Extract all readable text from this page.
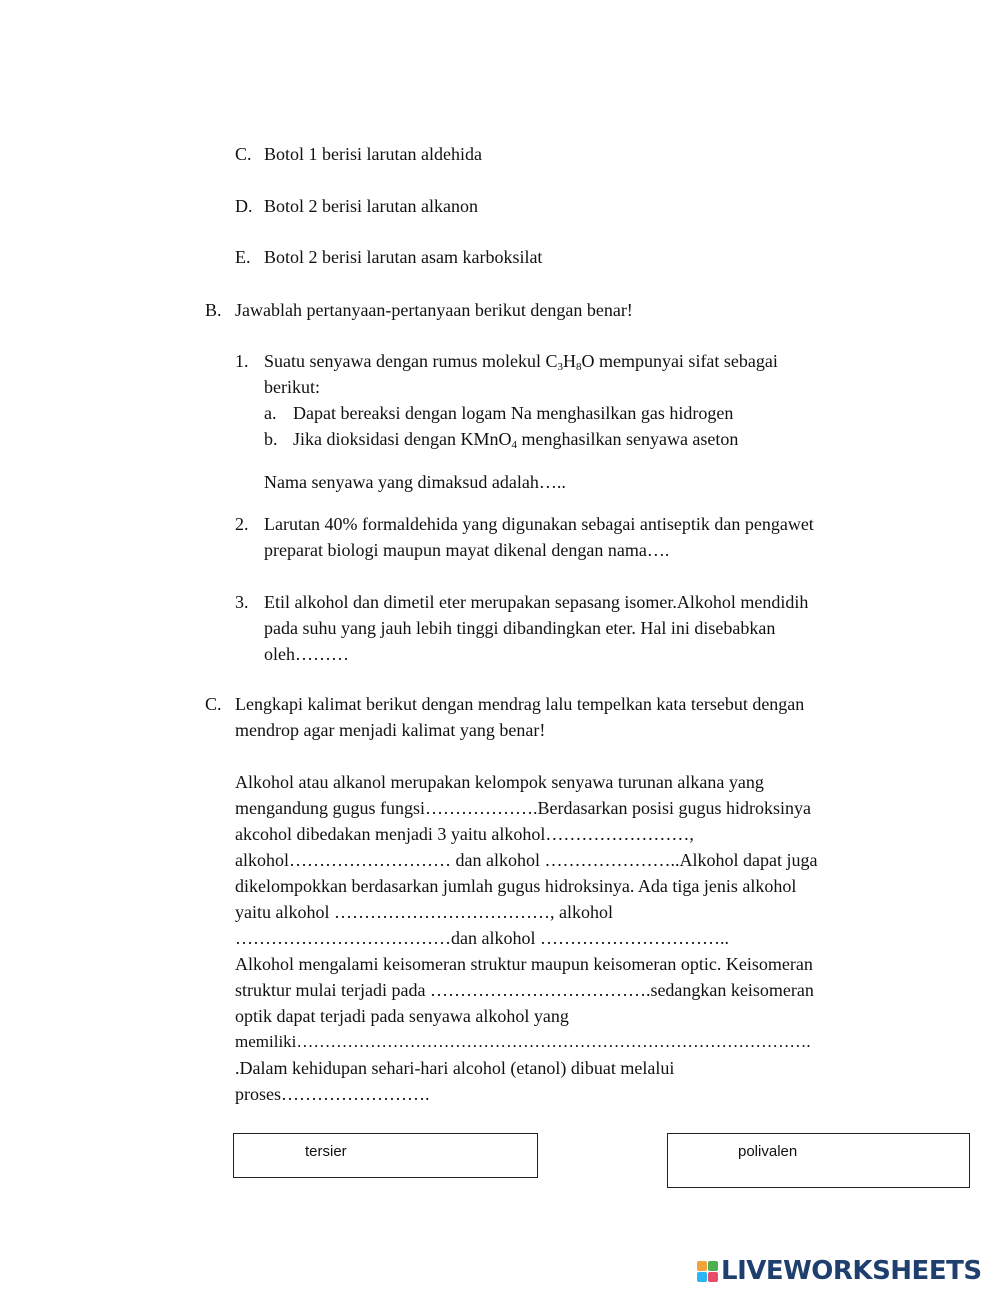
C. Botol 1 berisi larutan aldehida
D. Botol 2 berisi larutan alkanon
E. Botol 2 berisi larutan asam karboksilat
B. Jawablah pertanyaan-pertanyaan berikut dengan benar!
1. Suatu senyawa dengan rumus molekul $C_3H_8O$ mempunyai sifat sebagai
berikut:
a. Dapat bereaksi dengan logam Na menghasilkan gas hidrogen
b. Jika dioksidasi dengan KMnO$_4$ menghasilkan senyawa aseton
Nama senyawa yang dimaksud adalah…..
2. Larutan 40% formaldehida yang digunakan sebagai antiseptik dan pengawet
preparat biologi maupun mayat dikenal dengan nama….
3. Etil alkohol dan dimetil eter merupakan sepasang isomer.Alkohol mendidih
pada suhu yang jauh lebih tinggi dibandingkan eter. Hal ini disebabkan
oleh………
C. Lengkapi kalimat berikut dengan mendrag lalu tempelkan kata tersebut dengan
mendrop agar menjadi kalimat yang benar!
Alkohol atau alkanol merupakan kelompok senyawa turunan alkana yang
mengandung gugus fungsi……………….Berdasarkan posisi gugus hidroksinya
akcohol dibedakan menjadi 3 yaitu alkohol……………………,
alkohol……………………… dan alkohol …………………..Alkohol dapat juga
dikelompokkan berdasarkan jumlah gugus hidroksinya. Ada tiga jenis alkohol
yaitu alkohol ………………………………, alkohol
………………………………dan alkohol …………………………..
Alkohol mengalami keisomeran struktur maupun keisomeran optic. Keisomeran
struktur mulai terjadi pada ……………………………….sedangkan keisomeran
optik dapat terjadi pada senyawa alkohol yang
memiliki……………………………………………………………………………….
.Dalam kehidupan sehari-hari alcohol (etanol) dibuat melalui
proses…………………….
tersier	polivalen
LIVEWORKSHEETS
